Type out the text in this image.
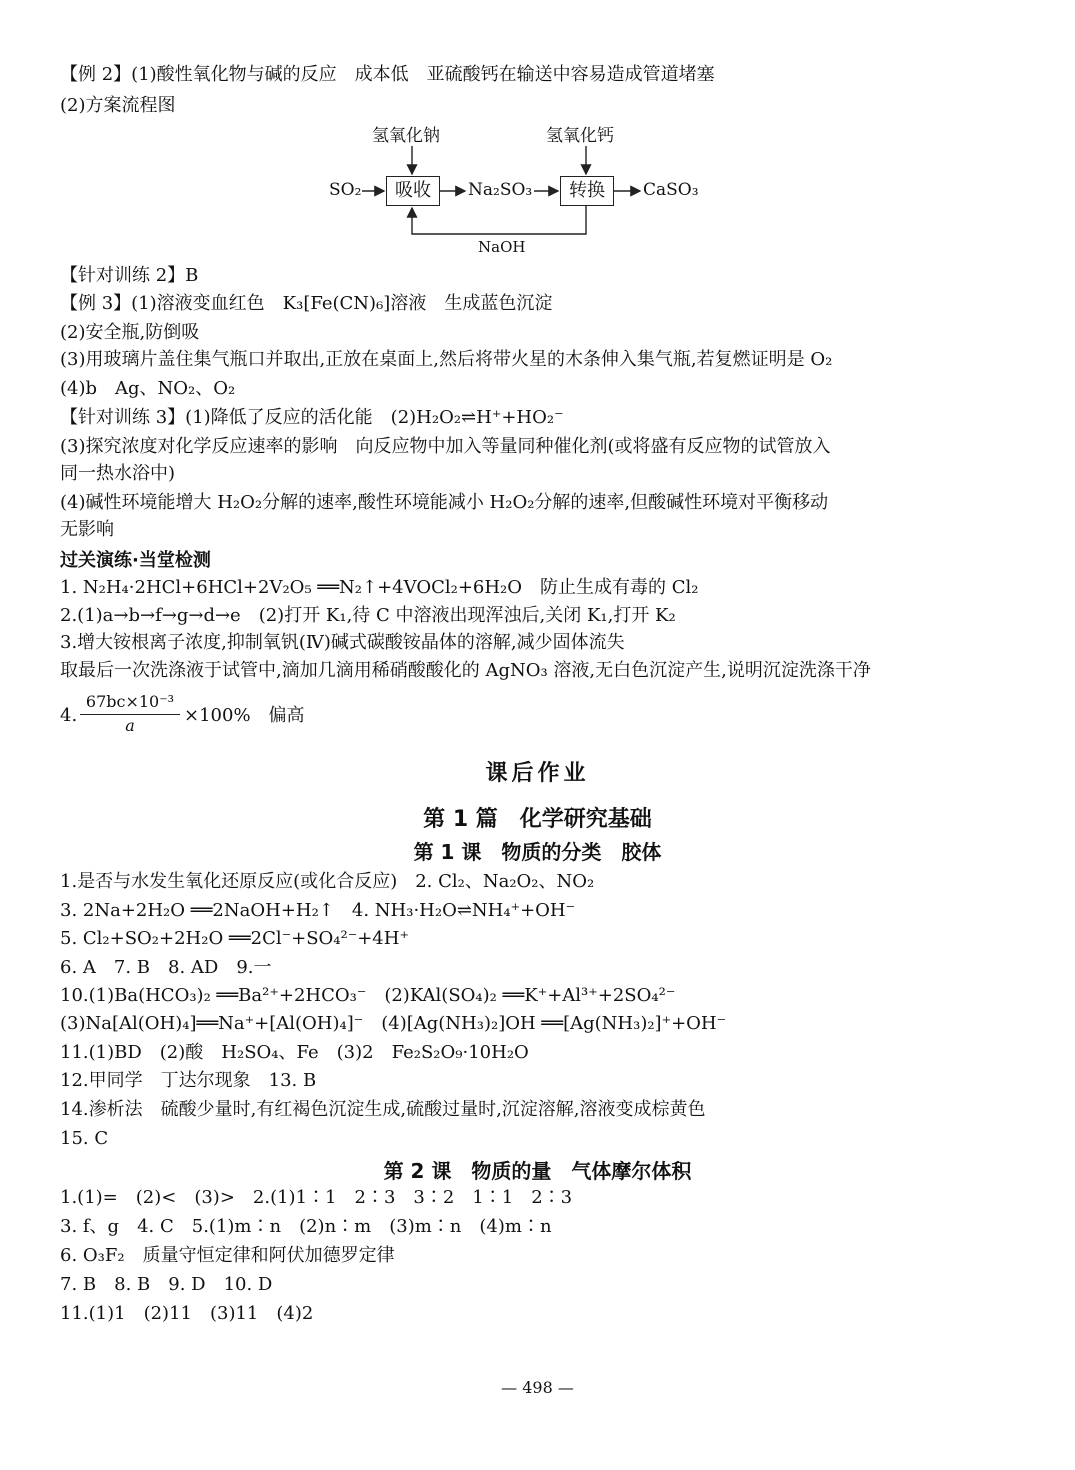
【例 2】(1)酸性氧化物与碱的反应　成本低　亚硫酸钙在输送中容易造成管道堵塞
(2)方案流程图
氢氧化钠	氢氧化钙
SO₂	吸收	Na₂SO₃	转换	CaSO₃
NaOH
【针对训练 2】B
【例 3】(1)溶液变血红色　K₃[Fe(CN)₆]溶液　生成蓝色沉淀
(2)安全瓶,防倒吸
(3)用玻璃片盖住集气瓶口并取出,正放在桌面上,然后将带火星的木条伸入集气瓶,若复燃证明是 O₂
(4)b　Ag、NO₂、O₂
【针对训练 3】(1)降低了反应的活化能　(2)H₂O₂⇌H⁺+HO₂⁻
(3)探究浓度对化学反应速率的影响　向反应物中加入等量同种催化剂(或将盛有反应物的试管放入
同一热水浴中)
(4)碱性环境能增大 H₂O₂分解的速率,酸性环境能减小 H₂O₂分解的速率,但酸碱性环境对平衡移动
无影响
过关演练·当堂检测
1. N₂H₄·2HCl+6HCl+2V₂O₅ ══N₂↑+4VOCl₂+6H₂O　防止生成有毒的 Cl₂
2.(1)a→b→f→g→d→e　(2)打开 K₁,待 C 中溶液出现浑浊后,关闭 K₁,打开 K₂
3.增大铵根离子浓度,抑制氧钒(Ⅳ)碱式碳酸铵晶体的溶解,减少固体流失
取最后一次洗涤液于试管中,滴加几滴用稀硝酸酸化的 AgNO₃ 溶液,无白色沉淀产生,说明沉淀洗涤干净
4.
67bc×10⁻³
a	×100%　偏高
课后作业
第 1 篇　化学研究基础
第 1 课　物质的分类　胶体
1.是否与水发生氧化还原反应(或化合反应)　2. Cl₂、Na₂O₂、NO₂
3. 2Na+2H₂O ══2NaOH+H₂↑　4. NH₃·H₂O⇌NH₄⁺+OH⁻
5. Cl₂+SO₂+2H₂O ══2Cl⁻+SO₄²⁻+4H⁺
6. A　7. B　8. AD　9.一
10.(1)Ba(HCO₃)₂ ══Ba²⁺+2HCO₃⁻　(2)KAl(SO₄)₂ ══K⁺+Al³⁺+2SO₄²⁻
(3)Na[Al(OH)₄]══Na⁺+[Al(OH)₄]⁻　(4)[Ag(NH₃)₂]OH ══[Ag(NH₃)₂]⁺+OH⁻
11.(1)BD　(2)酸　H₂SO₄、Fe　(3)2　Fe₂S₂O₉·10H₂O
12.甲同学　丁达尔现象　13. B
14.渗析法　硫酸少量时,有红褐色沉淀生成,硫酸过量时,沉淀溶解,溶液变成棕黄色
15. C
第 2 课　物质的量　气体摩尔体积
1.(1)=　(2)<　(3)>　2.(1)1∶1　2∶3　3∶2　1∶1　2∶3
3. f、g　4. C　5.(1)m∶n　(2)n∶m　(3)m∶n　(4)m∶n
6. O₃F₂　质量守恒定律和阿伏加德罗定律
7. B　8. B　9. D　10. D
11.(1)1　(2)11　(3)11　(4)2
— 498 —
